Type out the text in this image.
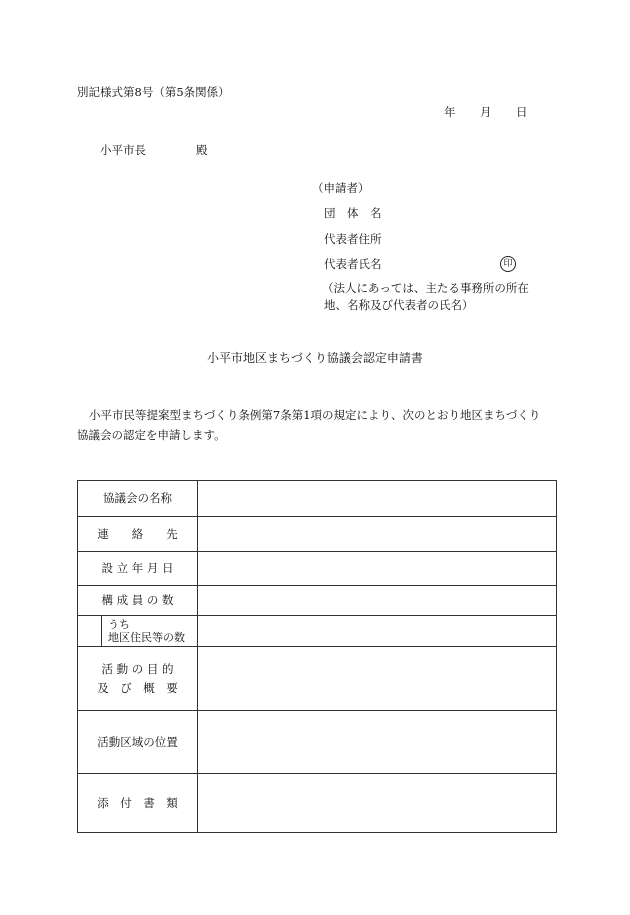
別記様式第8号（第5条関係）
年 月 日
小平市長	殿
（申請者）
団　体　名
代表者住所
代表者氏名	印
（法人にあっては、主たる事務所の所在
地、名称及び代表者の氏名）
小平市地区まちづくり協議会認定申請書
小平市民等提案型まちづくり条例第7条第1項の規定により、次のとおり地区まちづくり
協議会の認定を申請します。
協議会の名称	
連　　絡　　先	
設 立 年 月 日	
構 成 員 の 数	

うち
地区住民等の数	

活 動 の 目 的
及　び　概　要	

活動区域の位置	
添　付　書　類	
